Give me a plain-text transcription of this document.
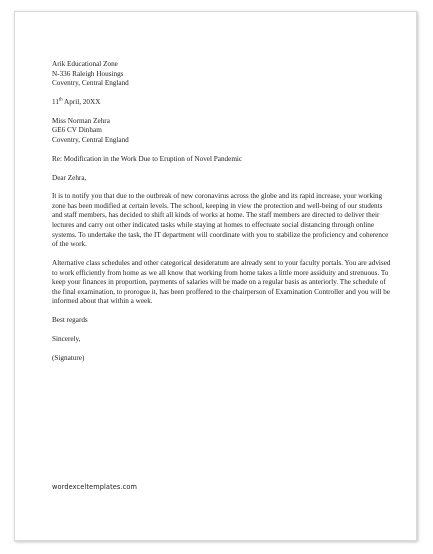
Arik Educational Zone
N-336 Raleigh Housings
Coventry, Central England
11th April, 20XX
Miss Norman Zehra
GE6 CV Dinham
Coventry, Central England

Re: Modification in the Work Due to Eruption of Novel Pandemic

Dear Zehra,

It is to notify you that due to the outbreak of new coronavirus across the globe and its rapid increase, your working zone has been modified at certain levels. The school, keeping in view the protection and well-being of our students and staff members, has decided to shift all kinds of works at home. The staff members are directed to deliver their lectures and carry out other indicated tasks while staying at homes to effectuate social distancing through online systems. To undertake the task, the IT department will coordinate with you to stabilize the proficiency and coherence of the work.

Alternative class schedules and other categorical desideratum are already sent to your faculty portals. You are advised to work efficiently from home as we all know that working from home takes a little more assiduity and strenuous. To keep your finances in proportion, payments of salaries will be made on a regular basis as anteriorly. The schedule of the final examination, to prorogue it, has been proffered to the chairperson of Examination Controller and you will be informed about that within a week.

Best regards

Sincerely,

(Signature)

wordexceltemplates.com
